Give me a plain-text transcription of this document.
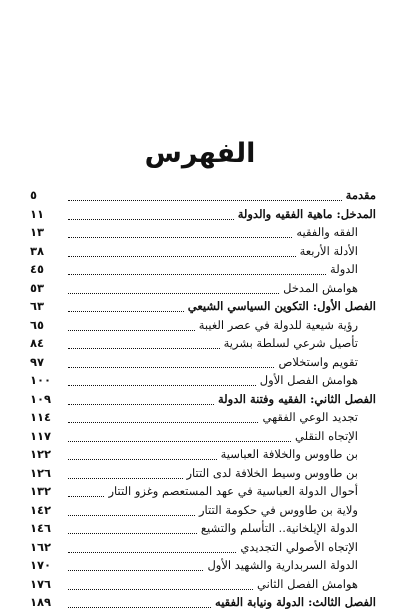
الفهرس
مقدمة
٥
المدخل: ماهية الفقيه والدولة
١١
الفقه والفقيه
١٣
الأدلة الأربعة
٣٨
الدولة
٤٥
هوامش المدخل
٥٣
الفصل الأول: التكوين السياسي الشيعي
٦٣
رؤية شيعية للدولة في عصر الغيبة
٦٥
تأصيل شرعي لسلطة بشرية
٨٤
تقويم واستخلاص
٩٧
هوامش الفصل الأول
١٠٠
الفصل الثاني: الفقيه وفتنة الدولة
١٠٩
تجديد الوعي الفقهي
١١٤
الإتجاه النقلي
١١٧
بن طاووس والخلافة العباسية
١٢٢
بن طاووس وسيط الخلافة لدى التتار
١٢٦
أحوال الدولة العباسية في عهد المستعصم وغزو التتار
١٣٢
ولاية بن طاووس في حكومة التتار
١٤٢
الدولة الإيلخانية.. التأسلم والتشيع
١٤٦
الإتجاه الأصولي التجديدي
١٦٢
الدولة السربدارية والشهيد الأول
١٧٠
هوامش الفصل الثاني
١٧٦
الفصل الثالث: الدولة ونيابة الفقيه
١٨٩
